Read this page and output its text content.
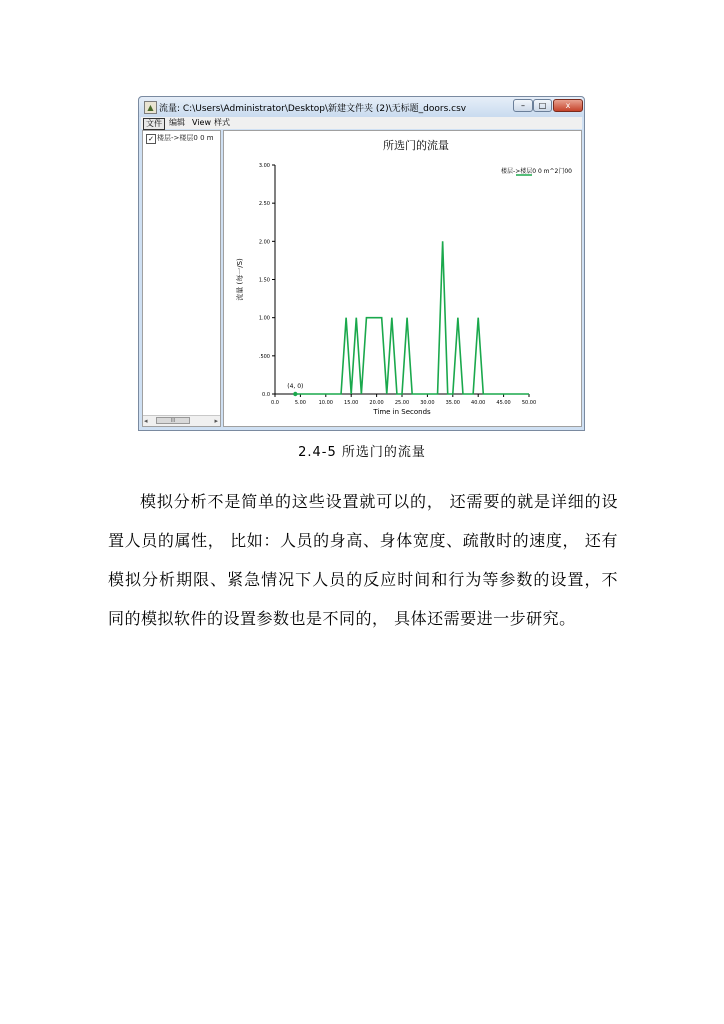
▲ 流量: C:\Users\Administrator\Desktop\新建文件夹 (2)\无标题_doors.csv	–	□	x
文件 编辑 View 样式
✓ 楼层->楼层0 0 m
◂	III	▸
所选门的流量
0.0
.500
1.00
1.50
2.00
2.50
3.00
0.0	5.00	10.00 15.00 20.00 25.00 30.00 35.00 40.00 45.00 50.00
Time in Seconds
流量 (每一/S)
楼层->楼层0 0 m^2门00
(4, 0)
2.4-5 所选门的流量
模拟分析不是简单的这些设置就可以的， 还需要的就是详细的设置人员的属性， 比如：人员的身高、身体宽度、疏散时的速度， 还有模拟分析期限、紧急情况下人员的反应时间和行为等参数的设置，不同的模拟软件的设置参数也是不同的， 具体还需要进一步研究。
